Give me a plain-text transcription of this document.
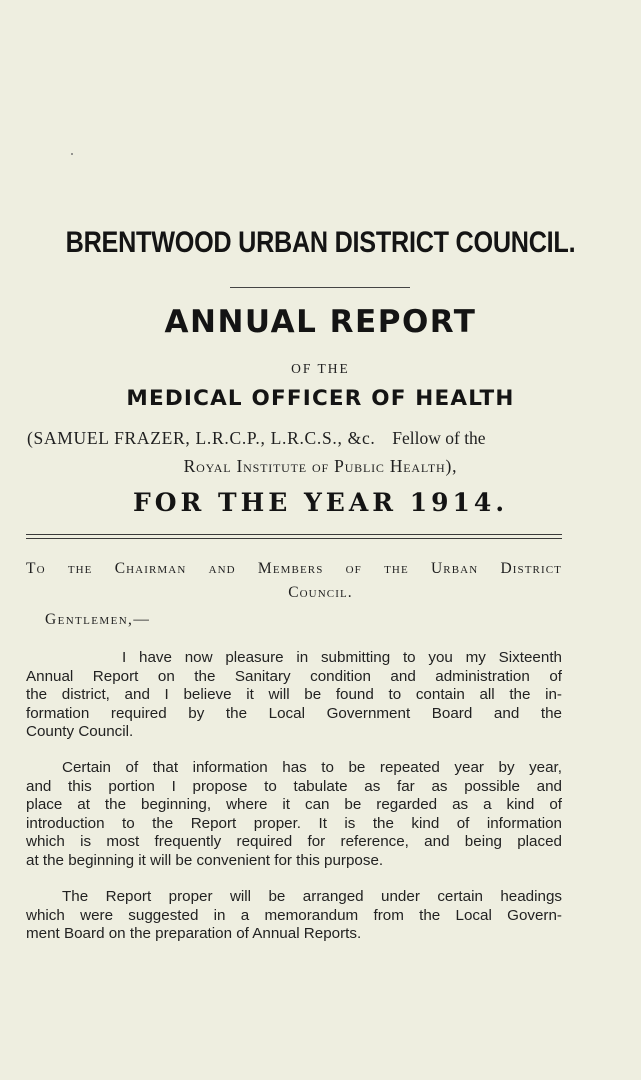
BRENTWOOD URBAN DISTRICT COUNCIL.
ANNUAL REPORT
OF THE
MEDICAL OFFICER OF HEALTH
(SAMUEL FRAZER, L.R.C.P., L.R.C.S., &c. Fellow of the
Royal Institute of Public Health),
FOR THE YEAR 1914.
To the Chairman and Members of the Urban District
Council.
Gentlemen,—

I have now pleasure in submitting to you my Sixteenth
Annual Report on the Sanitary condition and administration of
the district, and I believe it will be found to contain all the in-
formation required by the Local Government Board and the
County Council.

Certain of that information has to be repeated year by year,
and this portion I propose to tabulate as far as possible and
place at the beginning, where it can be regarded as a kind of
introduction to the Report proper. It is the kind of information
which is most frequently required for reference, and being placed
at the beginning it will be convenient for this purpose.

The Report proper will be arranged under certain headings
which were suggested in a memorandum from the Local Govern-
ment Board on the preparation of Annual Reports.
